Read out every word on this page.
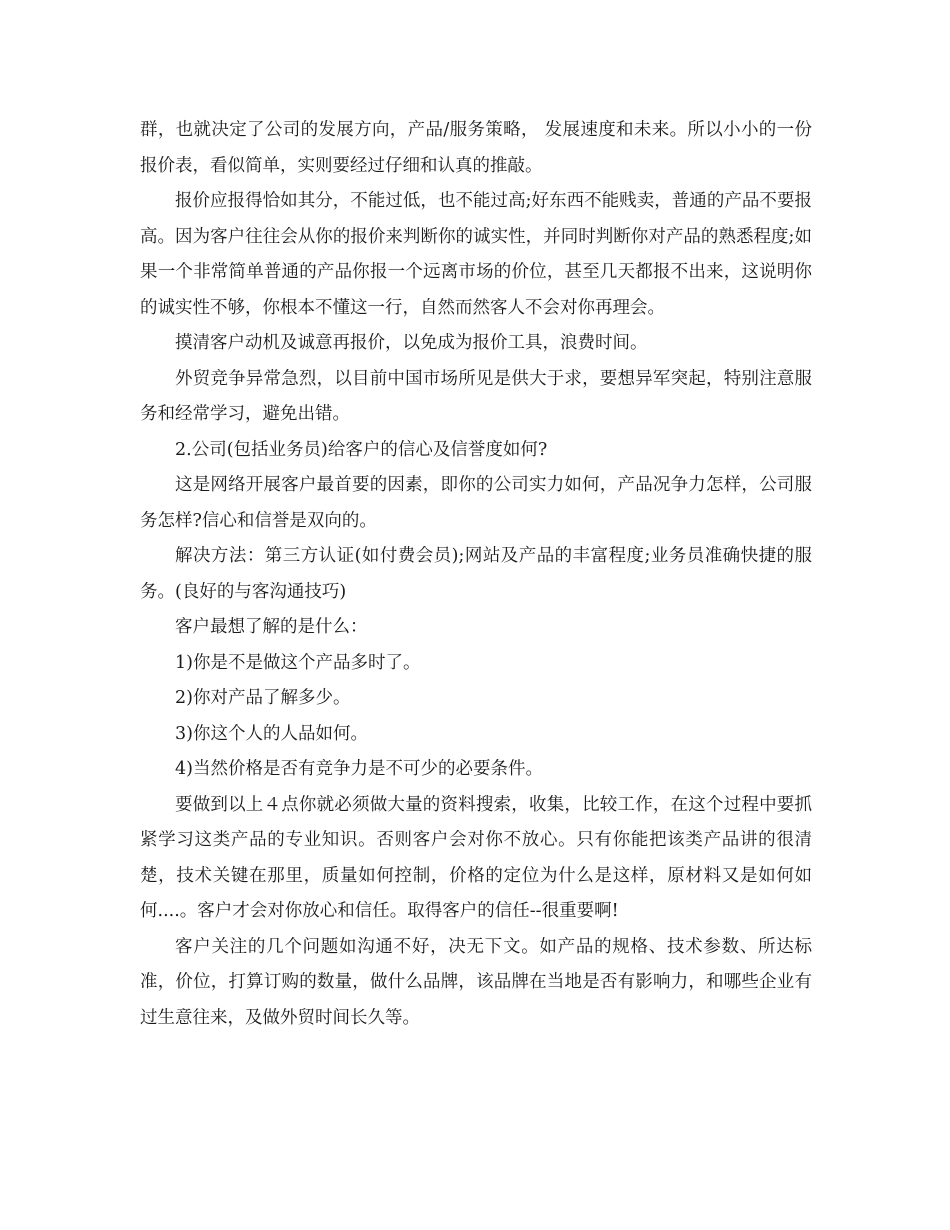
群，也就决定了公司的发展方向，产品/服务策略， 发展速度和未来。所以小小的一份报价表，看似简单，实则要经过仔细和认真的推敲。

报价应报得恰如其分，不能过低，也不能过高;好东西不能贱卖，普通的产品不要报高。因为客户往往会从你的报价来判断你的诚实性，并同时判断你对产品的熟悉程度;如果一个非常简单普通的产品你报一个远离市场的价位，甚至几天都报不出来，这说明你的诚实性不够，你根本不懂这一行，自然而然客人不会对你再理会。

摸清客户动机及诚意再报价，以免成为报价工具，浪费时间。

外贸竞争异常急烈，以目前中国市场所见是供大于求，要想异军突起，特别注意服务和经常学习，避免出错。

2.公司(包括业务员)给客户的信心及信誉度如何?

这是网络开展客户最首要的因素，即你的公司实力如何，产品况争力怎样，公司服务怎样?信心和信誉是双向的。

解决方法：第三方认证(如付费会员);网站及产品的丰富程度;业务员准确快捷的服务。(良好的与客沟通技巧)

客户最想了解的是什么：

1)你是不是做这个产品多时了。

2)你对产品了解多少。

3)你这个人的人品如何。

4)当然价格是否有竞争力是不可少的必要条件。

要做到以上４点你就必须做大量的资料搜索，收集，比较工作，在这个过程中要抓紧学习这类产品的专业知识。否则客户会对你不放心。只有你能把该类产品讲的很清楚，技术关键在那里，质量如何控制，价格的定位为什么是这样，原材料又是如何如何....。客户才会对你放心和信任。取得客户的信任--很重要啊!

客户关注的几个问题如沟通不好，决无下文。如产品的规格、技术参数、所达标准，价位，打算订购的数量，做什么品牌，该品牌在当地是否有影响力，和哪些企业有过生意往来，及做外贸时间长久等。
